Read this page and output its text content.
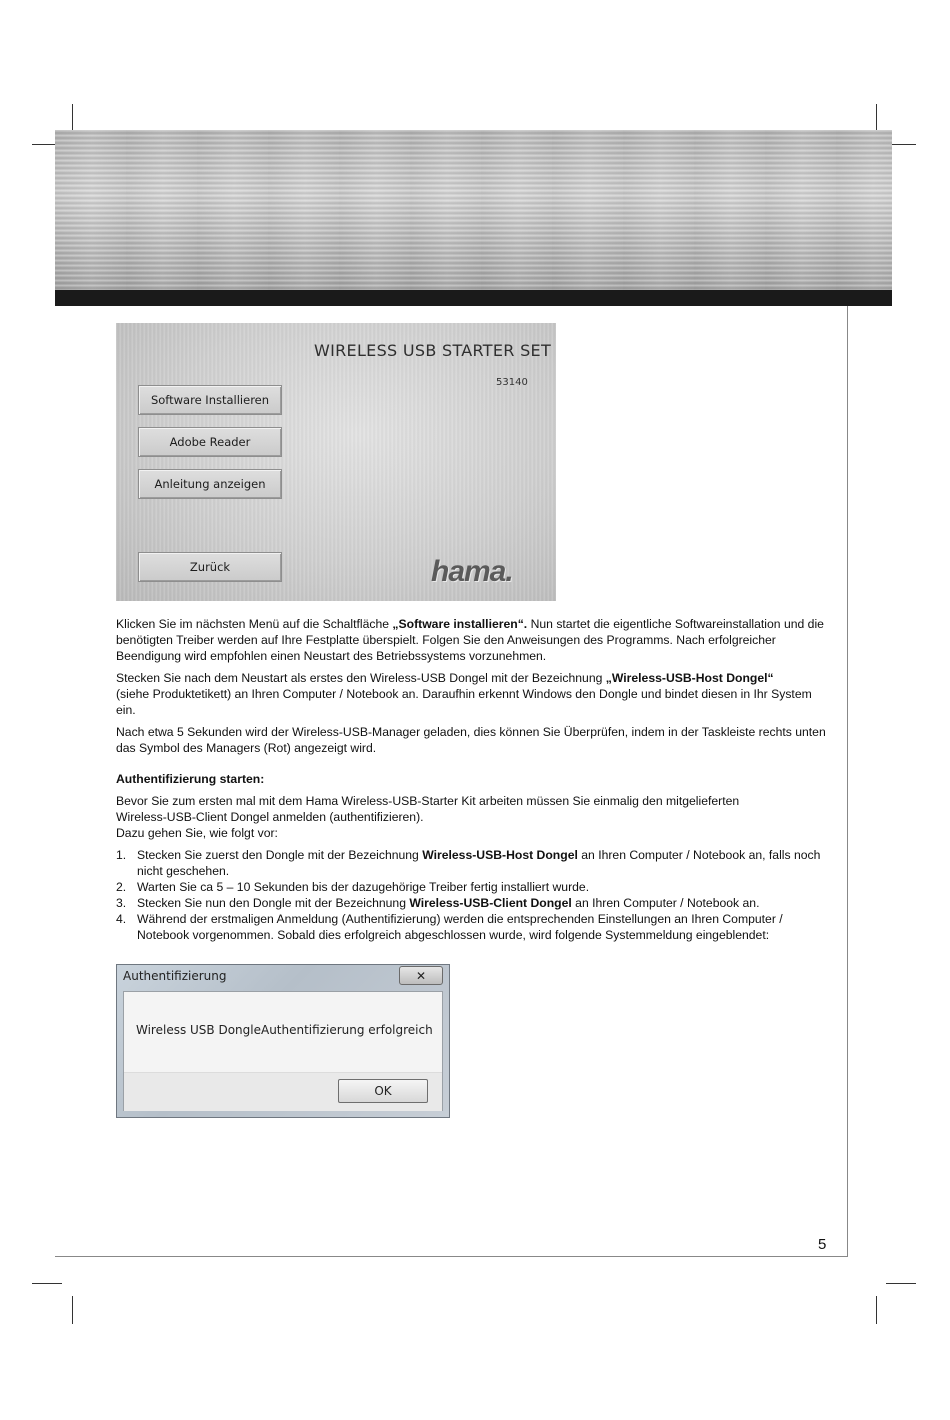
WIRELESS USB STARTER SET
53140
Software Installieren
Adobe Reader
Anleitung anzeigen
Zurück	hama.

Klicken Sie im nächsten Menü auf die Schaltfläche „Software installieren“. Nun startet die eigentliche Softwareinstallation und die benötigten Treiber werden auf Ihre Festplatte überspielt. Folgen Sie den Anweisungen des Programms. Nach erfolgreicher Beendigung wird empfohlen einen Neustart des Betriebssystems vorzunehmen.

Stecken Sie nach dem Neustart als erstes den Wireless-USB Dongel mit der Bezeichnung „Wireless-USB-Host Dongel“
(siehe Produktetikett) an Ihren Computer / Notebook an. Daraufhin erkennt Windows den Dongle und bindet diesen in Ihr System ein.

Nach etwa 5 Sekunden wird der Wireless-USB-Manager geladen, dies können Sie Überprüfen, indem in der Taskleiste rechts unten das Symbol des Managers (Rot) angezeigt wird.

Authentifizierung starten:

Bevor Sie zum ersten mal mit dem Hama Wireless-USB-Starter Kit arbeiten müssen Sie einmalig den mitgelieferten
Wireless-USB-Client Dongel anmelden (authentifizieren).
Dazu gehen Sie, wie folgt vor:

1. Stecken Sie zuerst den Dongle mit der Bezeichnung Wireless-USB-Host Dongel an Ihren Computer / Notebook an, falls noch nicht geschehen.
2. Warten Sie ca 5 – 10 Sekunden bis der dazugehörige Treiber fertig installiert wurde.
3. Stecken Sie nun den Dongle mit der Bezeichnung Wireless-USB-Client Dongel an Ihren Computer / Notebook an.
4. Während der erstmaligen Anmeldung (Authentifizierung) werden die entsprechenden Einstellungen an Ihren Computer / Notebook vorgenommen. Sobald dies erfolgreich abgeschlossen wurde, wird folgende Systemmeldung eingeblendet:
Authentifizierung	✕
Wireless USB DongleAuthentifizierung erfolgreich
OK
5
